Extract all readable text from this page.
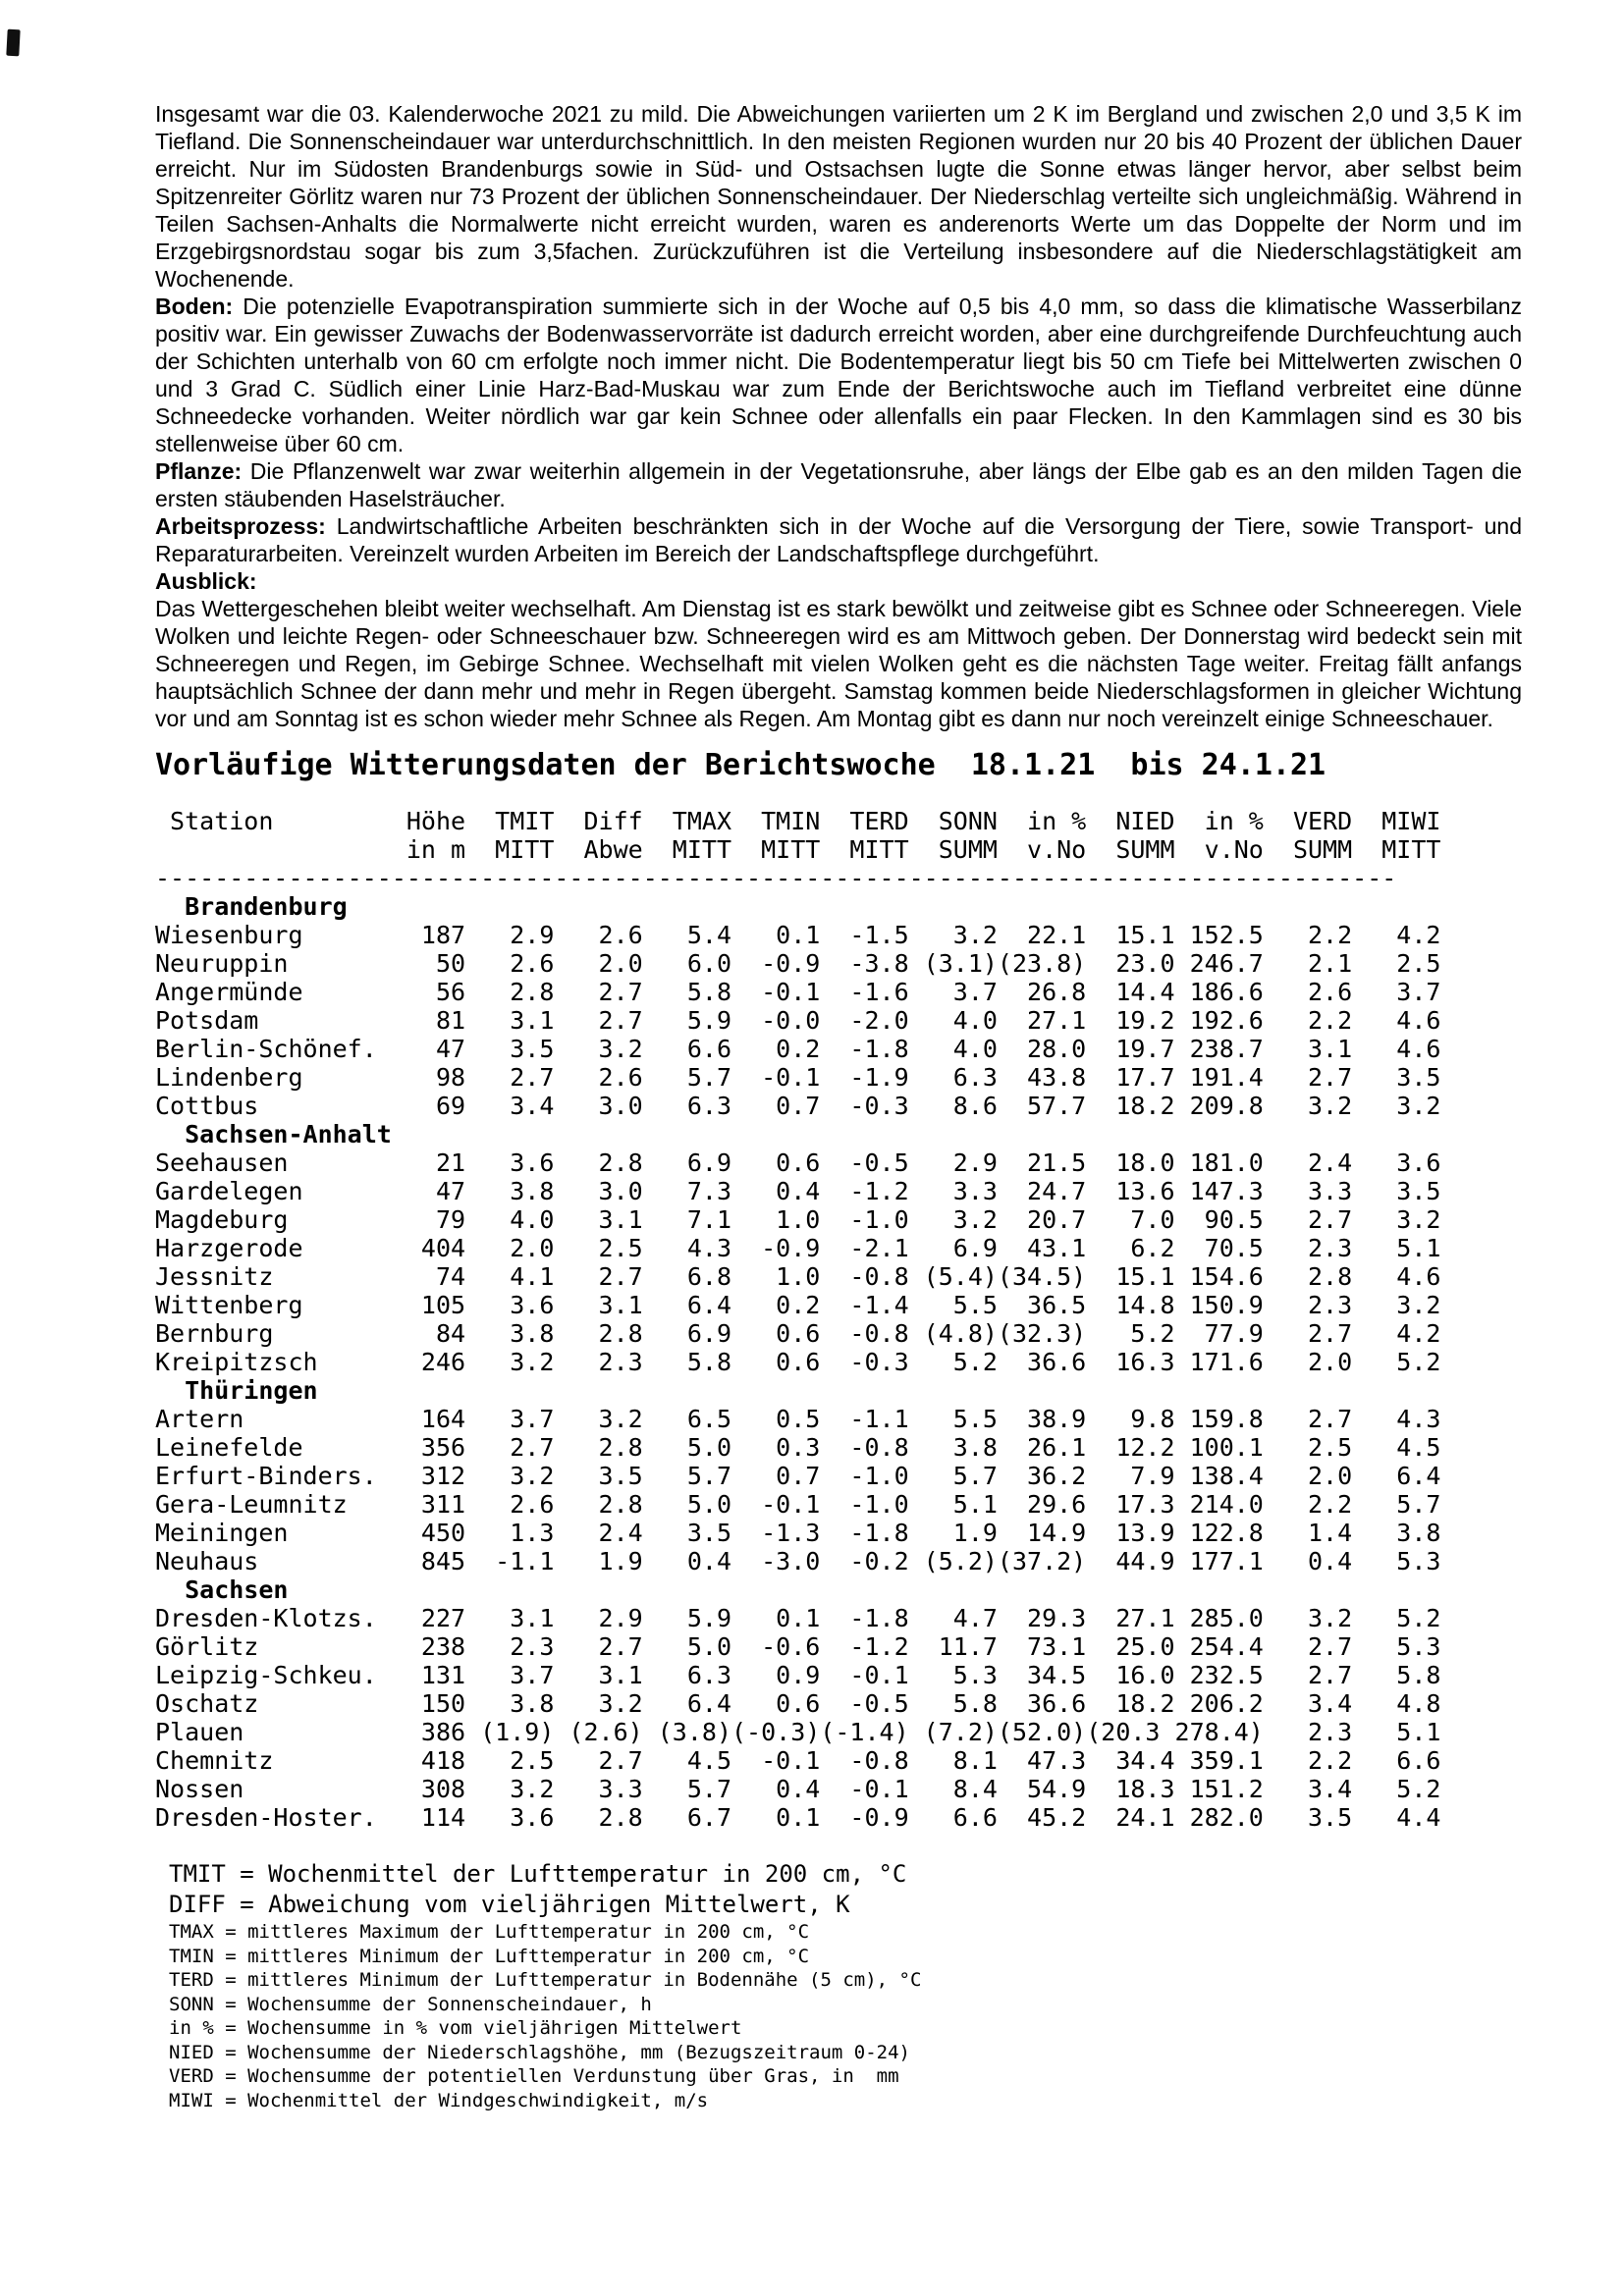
Insgesamt war die 03. Kalenderwoche 2021 zu mild. Die Abweichungen variierten um 2 K im Bergland und zwischen 2,0 und 3,5 K im Tiefland. Die Sonnenscheindauer war unterdurchschnittlich. In den meisten Regionen wurden nur 20 bis 40 Prozent der üblichen Dauer erreicht. Nur im Südosten Brandenburgs sowie in Süd- und Ostsachsen lugte die Sonne etwas länger hervor, aber selbst beim Spitzenreiter Görlitz waren nur 73 Prozent der üblichen Sonnenscheindauer. Der Niederschlag verteilte sich ungleichmäßig. Während in Teilen Sachsen-Anhalts die Normalwerte nicht erreicht wurden, waren es anderenorts Werte um das Doppelte der Norm und im Erzgebirgsnordstau sogar bis zum 3,5fachen. Zurückzuführen ist die Verteilung insbesondere auf die Niederschlagstätigkeit am Wochenende.

Boden: Die potenzielle Evapotranspiration summierte sich in der Woche auf 0,5 bis 4,0 mm, so dass die klimatische Wasserbilanz positiv war. Ein gewisser Zuwachs der Bodenwasservorräte ist dadurch erreicht worden, aber eine durchgreifende Durchfeuchtung auch der Schichten unterhalb von 60 cm erfolgte noch immer nicht. Die Bodentemperatur liegt bis 50 cm Tiefe bei Mittelwerten zwischen 0 und 3 Grad C. Südlich einer Linie Harz-Bad-Muskau war zum Ende der Berichtswoche auch im Tiefland verbreitet eine dünne Schneedecke vorhanden. Weiter nördlich war gar kein Schnee oder allenfalls ein paar Flecken. In den Kammlagen sind es 30 bis stellenweise über 60 cm.

Pflanze: Die Pflanzenwelt war zwar weiterhin allgemein in der Vegetationsruhe, aber längs der Elbe gab es an den milden Tagen die ersten stäubenden Haselsträucher.

Arbeitsprozess: Landwirtschaftliche Arbeiten beschränkten sich in der Woche auf die Versorgung der Tiere, sowie Transport- und Reparaturarbeiten. Vereinzelt wurden Arbeiten im Bereich der Landschaftspflege durchgeführt.

Ausblick:

Das Wettergeschehen bleibt weiter wechselhaft. Am Dienstag ist es stark bewölkt und zeitweise gibt es Schnee oder Schneeregen. Viele Wolken und leichte Regen- oder Schneeschauer bzw. Schneeregen wird es am Mittwoch geben. Der Donnerstag wird bedeckt sein mit Schneeregen und Regen, im Gebirge Schnee. Wechselhaft mit vielen Wolken geht es die nächsten Tage weiter. Freitag fällt anfangs hauptsächlich Schnee der dann mehr und mehr in Regen übergeht. Samstag kommen beide Niederschlagsformen in gleicher Wichtung vor und am Sonntag ist es schon wieder mehr Schnee als Regen. Am Montag gibt es dann nur noch vereinzelt einige Schneeschauer.

Vorläufige Witterungsdaten der Berichtswoche  18.1.21  bis 24.1.21
Station         Höhe  TMIT  Diff  TMAX  TMIN  TERD  SONN  in %  NIED  in %  VERD  MIWI
in m  MITT  Abwe  MITT  MITT  MITT  SUMM  v.No  SUMM  v.No  SUMM  MITT
------------------------------------------------------------------------------------
Brandenburg
Wiesenburg        187   2.9   2.6   5.4   0.1  -1.5   3.2  22.1  15.1 152.5   2.2   4.2
Neuruppin          50   2.6   2.0   6.0  -0.9  -3.8 (3.1)(23.8)  23.0 246.7   2.1   2.5
Angermünde         56   2.8   2.7   5.8  -0.1  -1.6   3.7  26.8  14.4 186.6   2.6   3.7
Potsdam            81   3.1   2.7   5.9  -0.0  -2.0   4.0  27.1  19.2 192.6   2.2   4.6
Berlin-Schönef.    47   3.5   3.2   6.6   0.2  -1.8   4.0  28.0  19.7 238.7   3.1   4.6
Lindenberg         98   2.7   2.6   5.7  -0.1  -1.9   6.3  43.8  17.7 191.4   2.7   3.5
Cottbus            69   3.4   3.0   6.3   0.7  -0.3   8.6  57.7  18.2 209.8   3.2   3.2
Sachsen-Anhalt
Seehausen          21   3.6   2.8   6.9   0.6  -0.5   2.9  21.5  18.0 181.0   2.4   3.6
Gardelegen         47   3.8   3.0   7.3   0.4  -1.2   3.3  24.7  13.6 147.3   3.3   3.5
Magdeburg          79   4.0   3.1   7.1   1.0  -1.0   3.2  20.7   7.0  90.5   2.7   3.2
Harzgerode        404   2.0   2.5   4.3  -0.9  -2.1   6.9  43.1   6.2  70.5   2.3   5.1
Jessnitz           74   4.1   2.7   6.8   1.0  -0.8 (5.4)(34.5)  15.1 154.6   2.8   4.6
Wittenberg        105   3.6   3.1   6.4   0.2  -1.4   5.5  36.5  14.8 150.9   2.3   3.2
Bernburg           84   3.8   2.8   6.9   0.6  -0.8 (4.8)(32.3)   5.2  77.9   2.7   4.2
Kreipitzsch       246   3.2   2.3   5.8   0.6  -0.3   5.2  36.6  16.3 171.6   2.0   5.2
Thüringen
Artern            164   3.7   3.2   6.5   0.5  -1.1   5.5  38.9   9.8 159.8   2.7   4.3
Leinefelde        356   2.7   2.8   5.0   0.3  -0.8   3.8  26.1  12.2 100.1   2.5   4.5
Erfurt-Binders.   312   3.2   3.5   5.7   0.7  -1.0   5.7  36.2   7.9 138.4   2.0   6.4
Gera-Leumnitz     311   2.6   2.8   5.0  -0.1  -1.0   5.1  29.6  17.3 214.0   2.2   5.7
Meiningen         450   1.3   2.4   3.5  -1.3  -1.8   1.9  14.9  13.9 122.8   1.4   3.8
Neuhaus           845  -1.1   1.9   0.4  -3.0  -0.2 (5.2)(37.2)  44.9 177.1   0.4   5.3
Sachsen
Dresden-Klotzs.   227   3.1   2.9   5.9   0.1  -1.8   4.7  29.3  27.1 285.0   3.2   5.2
Görlitz           238   2.3   2.7   5.0  -0.6  -1.2  11.7  73.1  25.0 254.4   2.7   5.3
Leipzig-Schkeu.   131   3.7   3.1   6.3   0.9  -0.1   5.3  34.5  16.0 232.5   2.7   5.8
Oschatz           150   3.8   3.2   6.4   0.6  -0.5   5.8  36.6  18.2 206.2   3.4   4.8
Plauen            386 (1.9) (2.6) (3.8)(-0.3)(-1.4) (7.2)(52.0)(20.3 278.4)   2.3   5.1
Chemnitz          418   2.5   2.7   4.5  -0.1  -0.8   8.1  47.3  34.4 359.1   2.2   6.6
Nossen            308   3.2   3.3   5.7   0.4  -0.1   8.4  54.9  18.3 151.2   3.4   5.2
Dresden-Hoster.   114   3.6   2.8   6.7   0.1  -0.9   6.6  45.2  24.1 282.0   3.5   4.4
TMIT = Wochenmittel der Lufttemperatur in 200 cm, °C
DIFF = Abweichung vom vieljährigen Mittelwert, K
TMAX = mittleres Maximum der Lufttemperatur in 200 cm, °C
TMIN = mittleres Minimum der Lufttemperatur in 200 cm, °C
TERD = mittleres Minimum der Lufttemperatur in Bodennähe (5 cm), °C
SONN = Wochensumme der Sonnenscheindauer, h
in % = Wochensumme in % vom vieljährigen Mittelwert
NIED = Wochensumme der Niederschlagshöhe, mm (Bezugszeitraum 0-24)
VERD = Wochensumme der potentiellen Verdunstung über Gras, in  mm
MIWI = Wochenmittel der Windgeschwindigkeit, m/s
